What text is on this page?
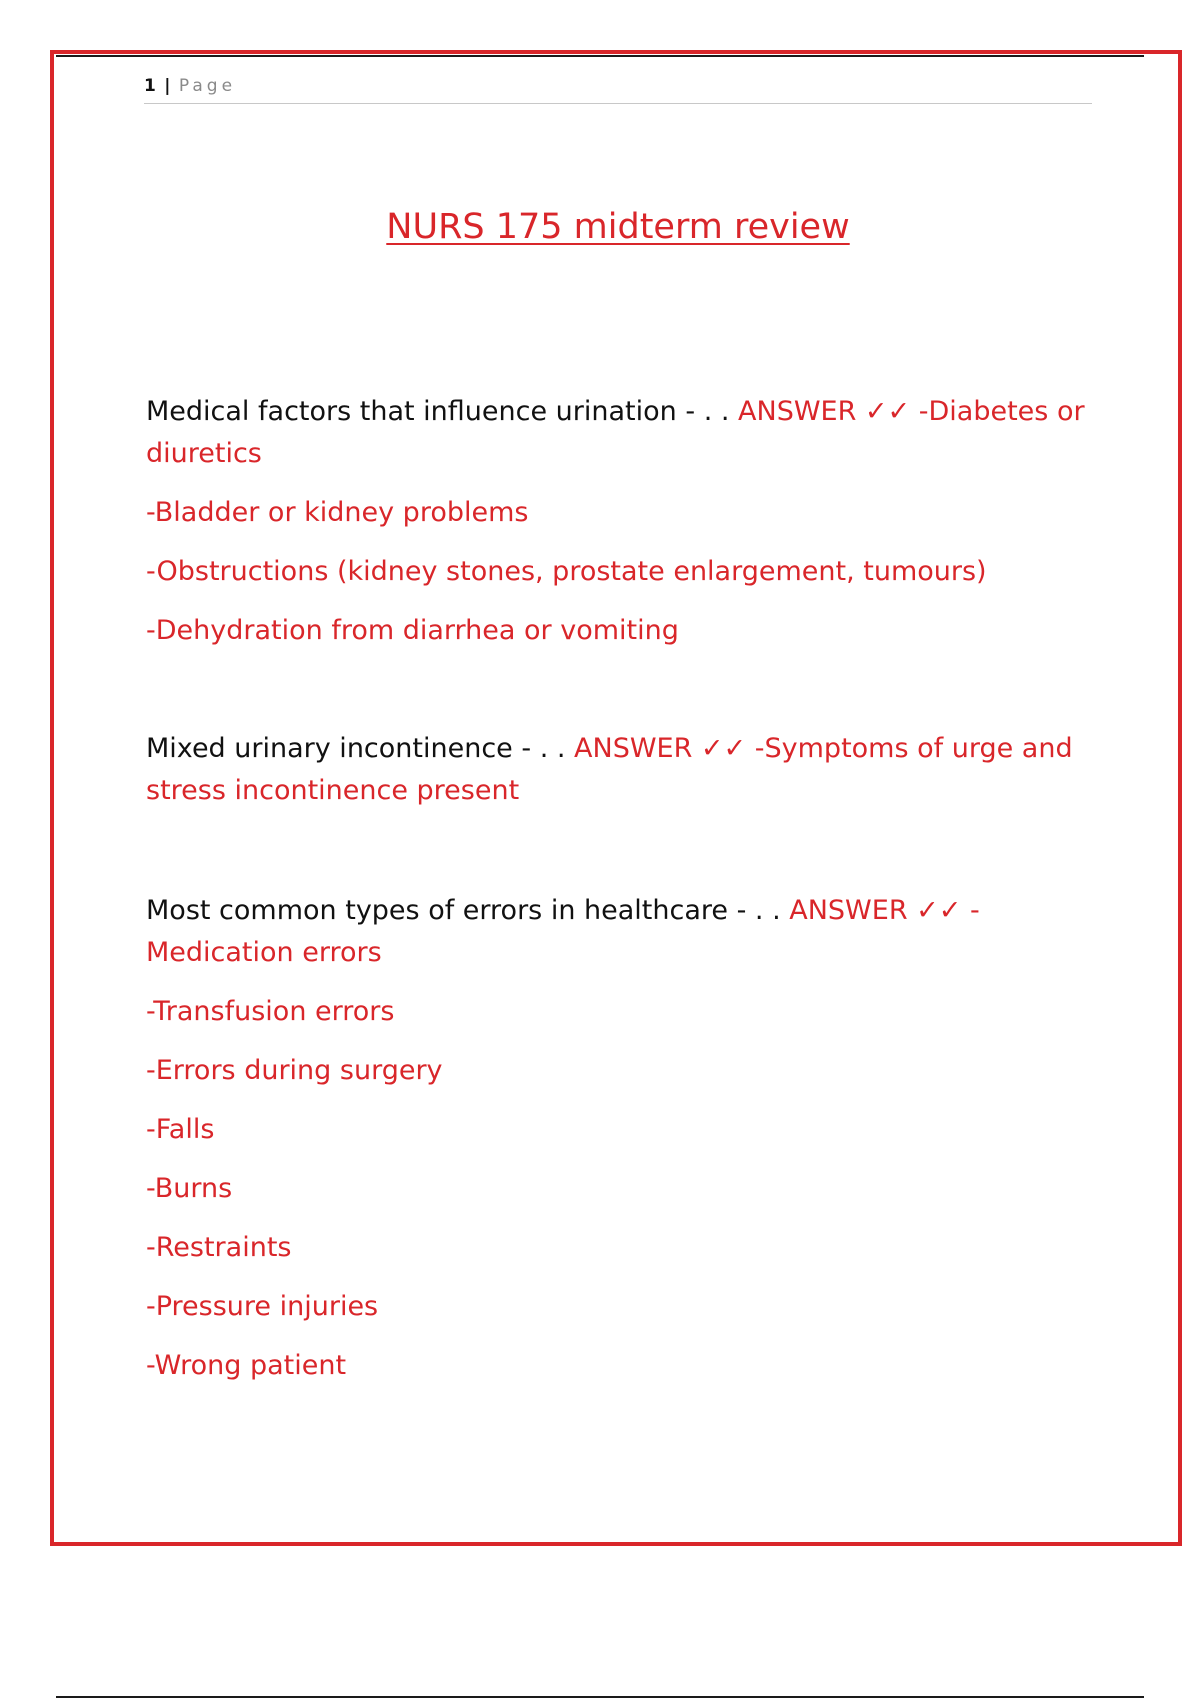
1 | Page
NURS 175 midterm review

Medical factors that influence urination - . . ANSWER ✓✓ -Diabetes or diuretics

-Bladder or kidney problems
-Obstructions (kidney stones, prostate enlargement, tumours)
-Dehydration from diarrhea or vomiting

Mixed urinary incontinence - . . ANSWER ✓✓ -Symptoms of urge and stress incontinence present

Most common types of errors in healthcare - . . ANSWER ✓✓ -Medication errors

-Transfusion errors
-Errors during surgery
-Falls
-Burns
-Restraints
-Pressure injuries
-Wrong patient
